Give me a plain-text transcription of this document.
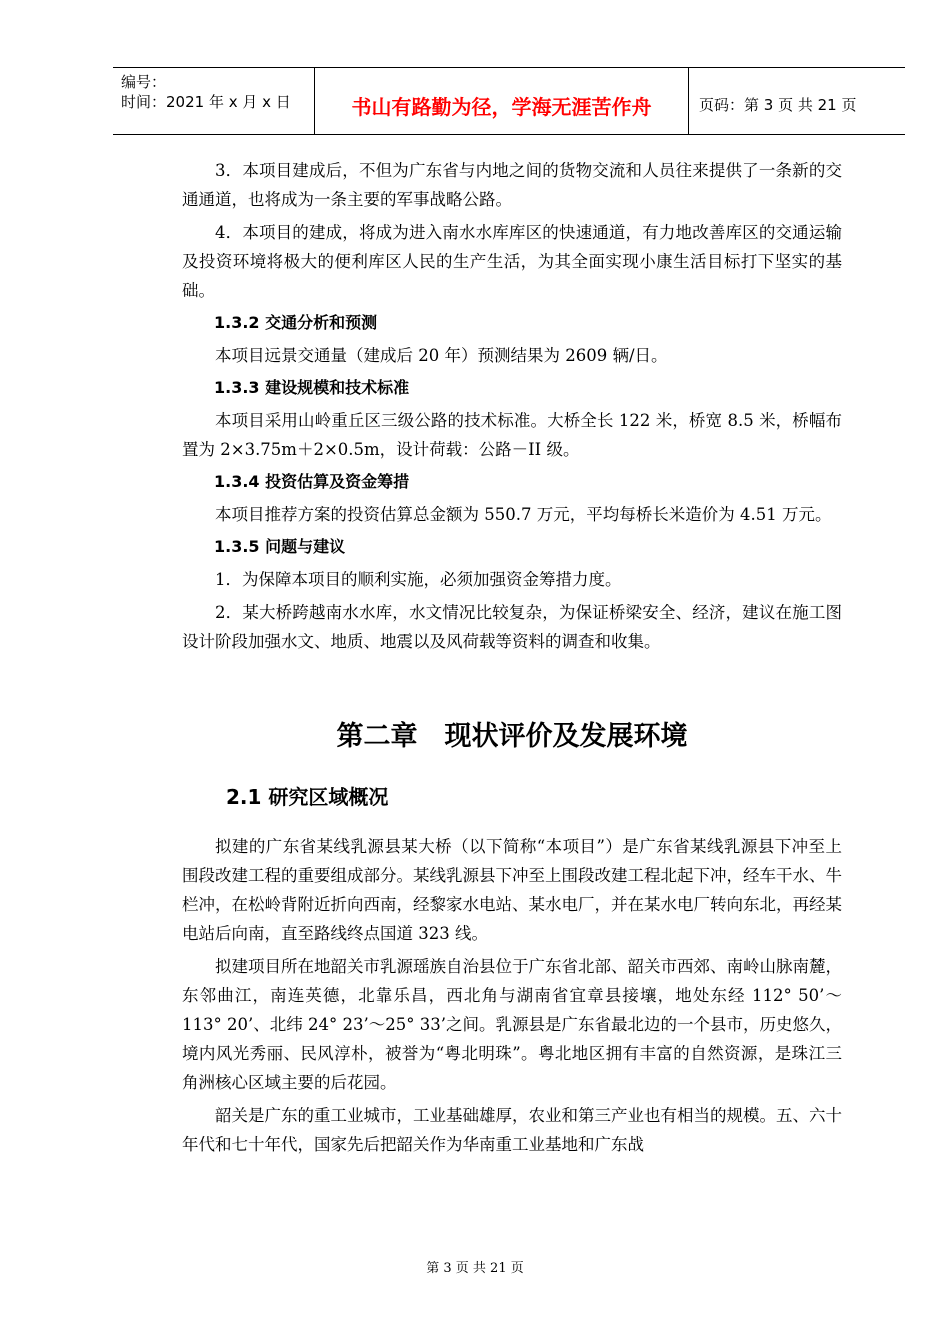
编号：
时间：2021 年 x 月 x 日	书山有路勤为径，学海无涯苦作舟	页码：第 3 页 共 21 页

3．本项目建成后，不但为广东省与内地之间的货物交流和人员往来提供了一条新的交通通道，也将成为一条主要的军事战略公路。

4．本项目的建成，将成为进入南水水库库区的快速通道，有力地改善库区的交通运输及投资环境将极大的便利库区人民的生产生活，为其全面实现小康生活目标打下坚实的基础。

1.3.2 交通分析和预测

本项目远景交通量（建成后 20 年）预测结果为 2609 辆/日。

1.3.3 建设规模和技术标准

本项目采用山岭重丘区三级公路的技术标准。大桥全长 122 米，桥宽 8.5 米，桥幅布置为 2×3.75m＋2×0.5m，设计荷载：公路－II 级。

1.3.4 投资估算及资金筹措

本项目推荐方案的投资估算总金额为 550.7 万元，平均每桥长米造价为 4.51 万元。

1.3.5 问题与建议

1．为保障本项目的顺利实施，必须加强资金筹措力度。

2．某大桥跨越南水水库，水文情况比较复杂，为保证桥梁安全、经济，建议在施工图设计阶段加强水文、地质、地震以及风荷载等资料的调查和收集。

第二章　现状评价及发展环境
2.1 研究区域概况

拟建的广东省某线乳源县某大桥（以下简称“本项目”）是广东省某线乳源县下冲至上围段改建工程的重要组成部分。某线乳源县下冲至上围段改建工程北起下冲，经车干水、牛栏冲，在松岭背附近折向西南，经黎家水电站、某水电厂，并在某水电厂转向东北，再经某电站后向南，直至路线终点国道 323 线。

拟建项目所在地韶关市乳源瑶族自治县位于广东省北部、韶关市西郊、南岭山脉南麓，东邻曲江，南连英德，北靠乐昌，西北角与湖南省宜章县接壤，地处东经 112° 50’～113° 20’、北纬 24° 23’～25° 33’之间。乳源县是广东省最北边的一个县市，历史悠久，境内风光秀丽、民风淳朴，被誉为“粤北明珠”。粤北地区拥有丰富的自然资源，是珠江三角洲核心区域主要的后花园。

韶关是广东的重工业城市，工业基础雄厚，农业和第三产业也有相当的规模。五、六十年代和七十年代，国家先后把韶关作为华南重工业基地和广东战

第 3 页 共 21 页
